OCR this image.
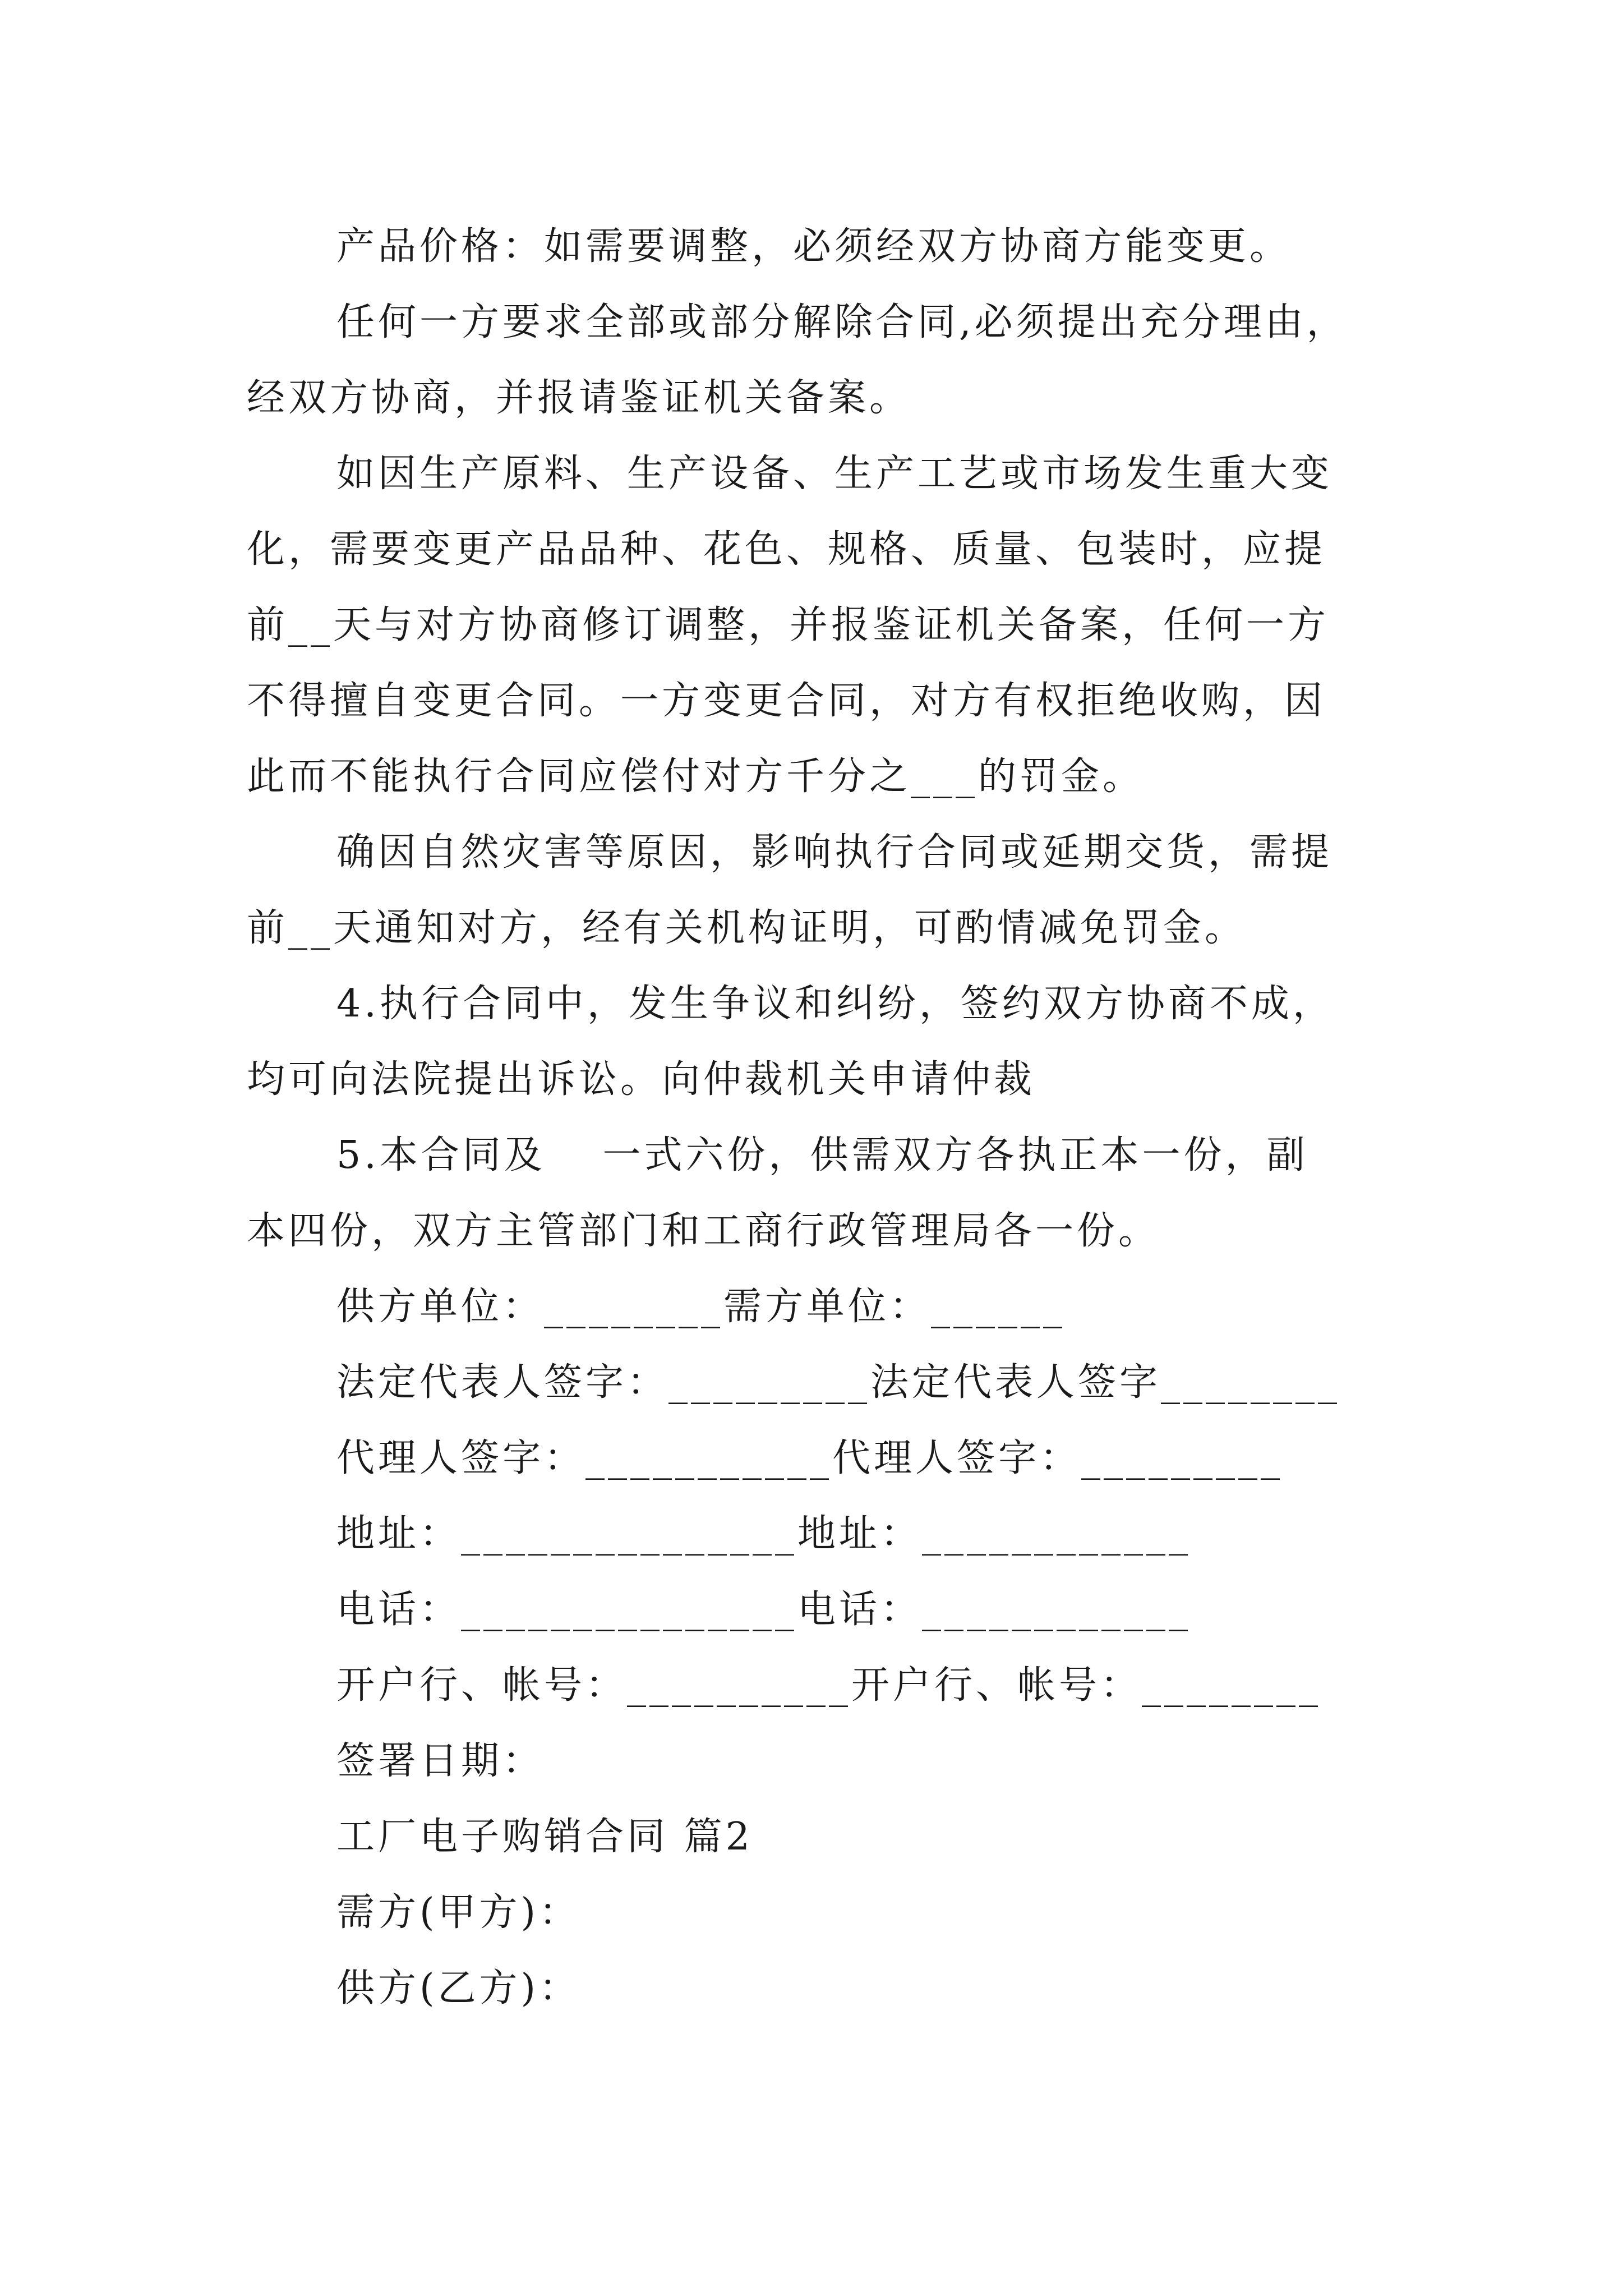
产品价格：如需要调整，必须经双方协商方能变更。
任何一方要求全部或部分解除合同,必须提出充分理由，
经双方协商，并报请鉴证机关备案。
如因生产原料、生产设备、生产工艺或市场发生重大变
化，需要变更产品品种、花色、规格、质量、包装时，应提
前__天与对方协商修订调整，并报鉴证机关备案，任何一方
不得擅自变更合同。一方变更合同，对方有权拒绝收购，因
此而不能执行合同应偿付对方千分之___的罚金。
确因自然灾害等原因，影响执行合同或延期交货，需提
前__天通知对方，经有关机构证明，可酌情减免罚金。
4.执行合同中，发生争议和纠纷，签约双方协商不成，
均可向法院提出诉讼。向仲裁机关申请仲裁
5.本合同及　 一式六份，供需双方各执正本一份，副
本四份，双方主管部门和工商行政管理局各一份。
供方单位：________需方单位：______
法定代表人签字：_________法定代表人签字________
代理人签字：___________代理人签字：_________
地址：_______________地址：____________
电话：_______________电话：____________
开户行、帐号：__________开户行、帐号：________
签署日期：
工厂电子购销合同 篇2
需方(甲方)：
供方(乙方)：
